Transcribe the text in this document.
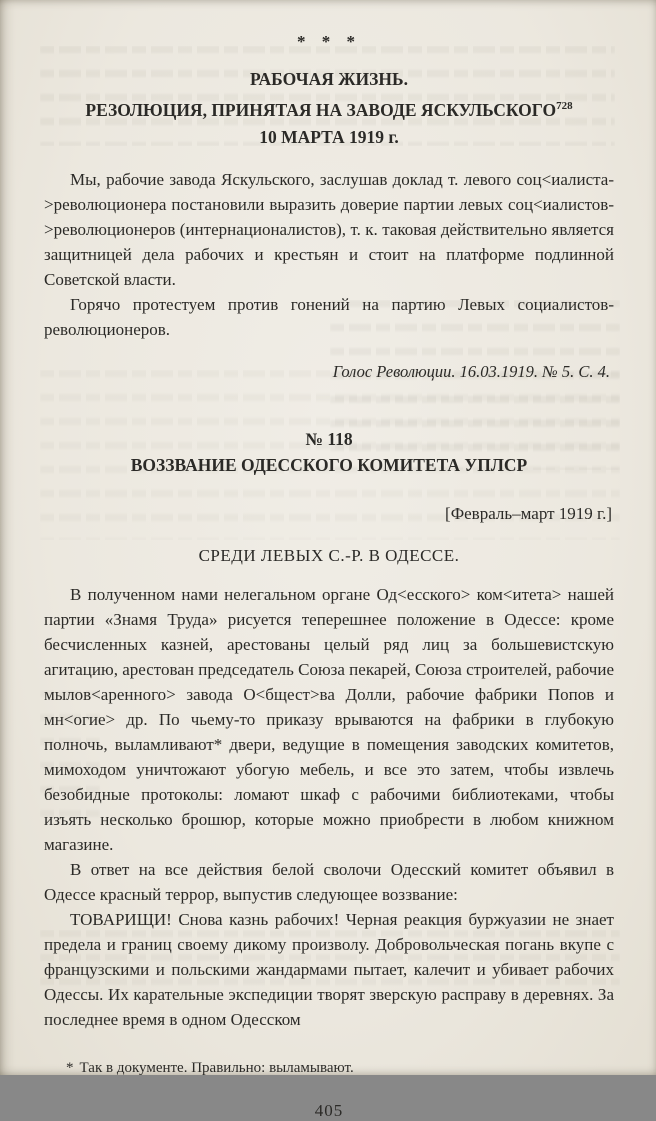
* * *
РАБОЧАЯ ЖИЗНЬ.
РЕЗОЛЮЦИЯ, ПРИНЯТАЯ НА ЗАВОДЕ ЯСКУЛЬСКОГО$^{728}$
10 МАРТА 1919 г.

Мы, рабочие завода Яскульского, заслушав доклад т. левого соц<иалиста->революционера постановили выразить доверие партии левых соц<иалистов->революционеров (интернационалистов), т. к. таковая действительно является защитницей дела рабочих и крестьян и стоит на платформе подлинной Советской власти.

Горячо протестуем против гонений на партию Левых социалистов-революционеров.

Голос Революции. 16.03.1919. № 5. С. 4.
№ 118
ВОЗЗВАНИЕ ОДЕССКОГО КОМИТЕТА УПЛСР
[Февраль–март 1919 г.]
СРЕДИ ЛЕВЫХ С.-Р. В ОДЕССЕ.

В полученном нами нелегальном органе Од<есского> ком<итета> нашей партии «Знамя Труда» рисуется теперешнее положение в Одессе: кроме бесчисленных казней, арестованы целый ряд лиц за большевистскую агитацию, арестован председатель Союза пекарей, Союза строителей, рабочие мылов<аренного> завода О<бщест>ва Долли, рабочие фабрики Попов и мн<огие> др. По чьему-то приказу врываются на фабрики в глубокую полночь, выламливают* двери, ведущие в помещения заводских комитетов, мимоходом уничтожают убогую мебель, и все это затем, чтобы извлечь безобидные протоколы: ломают шкаф с рабочими библиотеками, чтобы изъять несколько брошюр, которые можно приобрести в любом книжном магазине.

В ответ на все действия белой сволочи Одесский комитет объявил в Одессе красный террор, выпустив следующее воззвание:

ТОВАРИЩИ! Снова казнь рабочих! Черная реакция буржуазии не знает предела и границ своему дикому произволу. Добровольческая погань вкупе с французскими и польскими жандармами пытает, калечит и убивает рабочих Одессы. Их карательные экспедиции творят зверскую расправу в деревнях. За последнее время в одном Одесском

* Так в документе. Правильно: выламывают.
405
